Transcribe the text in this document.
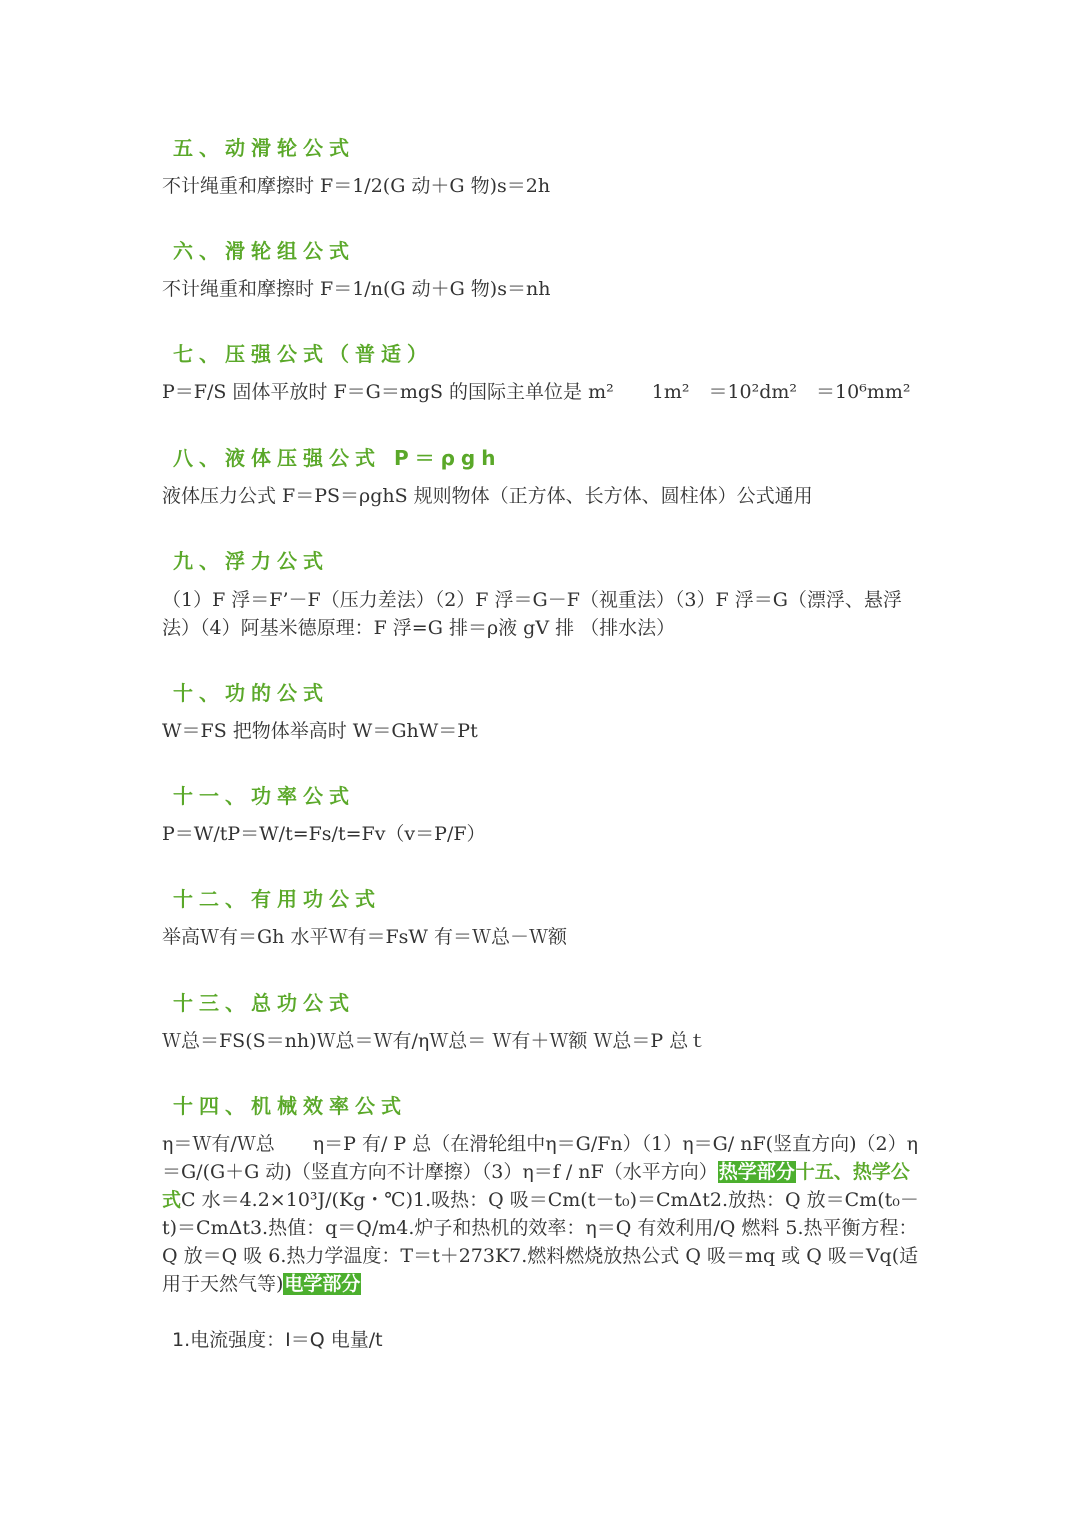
五、动滑轮公式

不计绳重和摩擦时 F＝1/2(G 动＋G 物)s＝2h

六、滑轮组公式

不计绳重和摩擦时 F＝1/n(G 动＋G 物)s＝nh

七、压强公式（普适）

P＝F/S 固体平放时 F＝G＝mgS 的国际主单位是 m²　　1m²　＝10²dm²　＝10⁶mm²

八、液体压强公式 P＝ρgh

液体压力公式 F＝PS＝ρghS 规则物体（正方体、长方体、圆柱体）公式通用

九、浮力公式

（1）F 浮＝F’－F（压力差法）（2）F 浮＝G－F（视重法）（3）F 浮＝G（漂浮、悬浮法）（4）阿基米德原理：F 浮=G 排＝ρ液 gV 排 （排水法）

十、功的公式

W＝FS 把物体举高时 W＝GhW＝Pt

十一、功率公式

P＝W/tP＝W/t=Fs/t=Fv（v＝P/F）

十二、有用功公式

举高Ｗ有＝Gh 水平Ｗ有＝FsW 有＝Ｗ总－Ｗ额

十三、总功公式

Ｗ总＝FS(S＝nh)Ｗ总＝Ｗ有/ηＷ总＝ Ｗ有＋Ｗ额 Ｗ总＝P 总ｔ

十四、机械效率公式

η＝Ｗ有/Ｗ总　　η＝P 有/ P 总（在滑轮组中η＝G/Fn）（1）η＝G/ nF(竖直方向)（2）η＝G/(G＋G 动)（竖直方向不计摩擦）（3）η＝f / nF（水平方向）热学部分十五、热学公式C 水＝4.2×10³J/(Kg・℃)1.吸热：Q 吸＝Cm(t－t₀)＝CmΔt2.放热：Q 放＝Cm(t₀－t)＝CmΔt3.热值：q＝Q/m4.炉子和热机的效率：η＝Q 有效利用/Q 燃料 5.热平衡方程：Q 放＝Q 吸 6.热力学温度：T＝t＋273K7.燃料燃烧放热公式 Q 吸＝mq 或 Q 吸＝Vq(适用于天然气等)电学部分

1.电流强度：I＝Q 电量/t
